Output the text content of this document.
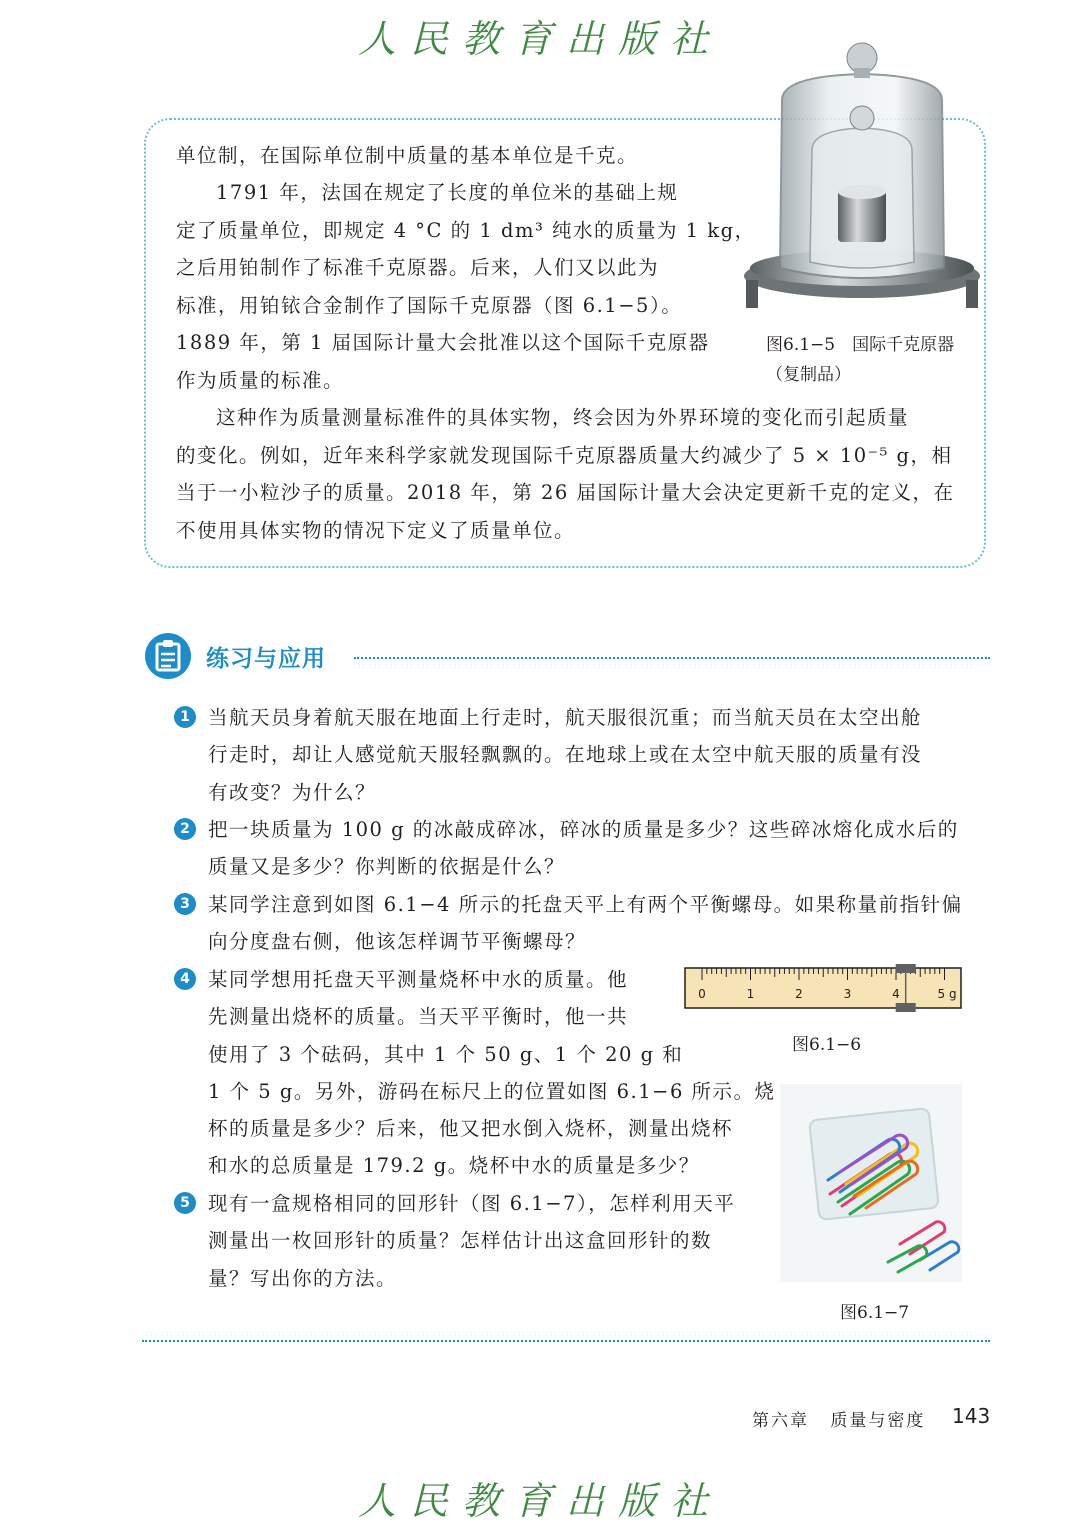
人民教育出版社

单位制，在国际单位制中质量的基本单位是千克。

1791 年，法国在规定了长度的单位米的基础上规
定了质量单位，即规定 4 °C 的 1 dm³ 纯水的质量为 1 kg，
之后用铂制作了标准千克原器。后来，人们又以此为
标准，用铂铱合金制作了国际千克原器（图 6.1−5）。
1889 年，第 1 届国际计量大会批准以这个国际千克原器
作为质量的标准。

这种作为质量测量标准件的具体实物，终会因为外界环境的变化而引起质量
的变化。例如，近年来科学家就发现国际千克原器质量大约减少了 5 × 10⁻⁵ g，相
当于一小粒沙子的质量。2018 年，第 26 届国际计量大会决定更新千克的定义，在
不使用具体实物的情况下定义了质量单位。

图6.1−5　国际千克原器
（复制品）
练习与应用
1 当航天员身着航天服在地面上行走时，航天服很沉重；而当航天员在太空出舱
行走时，却让人感觉航天服轻飘飘的。在地球上或在太空中航天服的质量有没
有改变？为什么？

2 把一块质量为 100 g 的冰敲成碎冰，碎冰的质量是多少？这些碎冰熔化成水后的
质量又是多少？你判断的依据是什么？

3 某同学注意到如图 6.1−4 所示的托盘天平上有两个平衡螺母。如果称量前指针偏
向分度盘右侧，他该怎样调节平衡螺母？

4 某同学想用托盘天平测量烧杯中水的质量。他
先测量出烧杯的质量。当天平平衡时，他一共
使用了 3 个砝码，其中 1 个 50 g、1 个 20 g 和
1 个 5 g。另外，游码在标尺上的位置如图 6.1−6 所示。烧
杯的质量是多少？后来，他又把水倒入烧杯，测量出烧杯
和水的总质量是 179.2 g。烧杯中水的质量是多少？

5 现有一盒规格相同的回形针（图 6.1−7），怎样利用天平
测量出一枚回形针的质量？怎样估计出这盒回形针的数
量？写出你的方法。

0	1	2	3	4	5 g
图6.1−6
图6.1−7
第六章 质量与密度 143
人民教育出版社
